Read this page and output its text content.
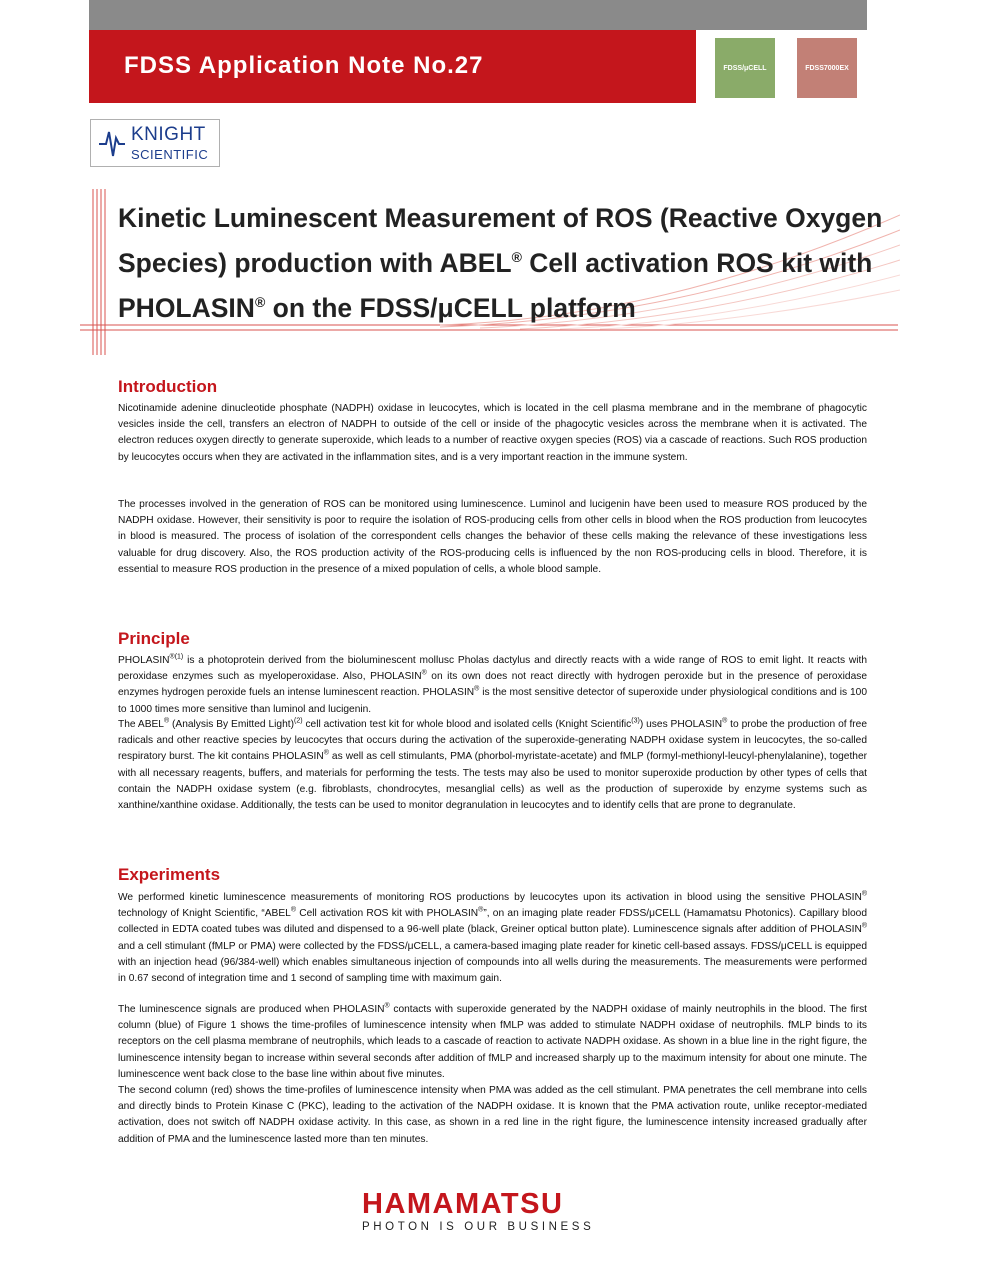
FDSS Application Note No.27	FDSS/μCELL	FDSS7000EX
KNIGHT
SCIENTIFIC
Kinetic Luminescent Measurement of ROS (Reactive Oxygen Species) production with ABEL® Cell activation ROS kit with PHOLASIN® on the FDSS/μCELL platform
Introduction

Nicotinamide adenine dinucleotide phosphate (NADPH) oxidase in leucocytes, which is located in the cell plasma membrane and in the membrane of phagocytic vesicles inside the cell, transfers an electron of NADPH to outside of the cell or inside of the phagocytic vesicles across the membrane when it is activated. The electron reduces oxygen directly to generate superoxide, which leads to a number of reactive oxygen species (ROS) via a cascade of reactions. Such ROS production by leucocytes occurs when they are activated in the inflammation sites, and is a very important reaction in the immune system.

The processes involved in the generation of ROS can be monitored using luminescence. Luminol and lucigenin have been used to measure ROS produced by the NADPH oxidase. However, their sensitivity is poor to require the isolation of ROS-producing cells from other cells in blood when the ROS production from leucocytes in blood is measured. The process of isolation of the correspondent cells changes the behavior of these cells making the relevance of these investigations less valuable for drug discovery. Also, the ROS production activity of the ROS-producing cells is influenced by the non ROS-producing cells in blood. Therefore, it is essential to measure ROS production in the presence of a mixed population of cells, a whole blood sample.

Principle

$PHOLASIN^{®(1)}$ is a photoprotein derived from the bioluminescent mollusc Pholas dactylus and directly reacts with a wide range of ROS to emit light. It reacts with peroxidase enzymes such as myeloperoxidase. Also, PHOLASIN® on its own does not react directly with hydrogen peroxide but in the presence of peroxidase enzymes hydrogen peroxide fuels an intense luminescent reaction. PHOLASIN® is the most sensitive detector of superoxide under physiological conditions and is 100 to 1000 times more sensitive than luminol and lucigenin.

The ABEL® (Analysis By Emitted Light)$^{(2)}$ cell activation test kit for whole blood and isolated cells (Knight Scientific$^{(3)}$) uses PHOLASIN® to probe the production of free radicals and other reactive species by leucocytes that occurs during the activation of the superoxide-generating NADPH oxidase system in leucocytes, the so-called respiratory burst. The kit contains PHOLASIN® as well as cell stimulants, PMA (phorbol-myristate-acetate) and fMLP (formyl-methionyl-leucyl-phenylalanine), together with all necessary reagents, buffers, and materials for performing the tests. The tests may also be used to monitor superoxide production by other types of cells that contain the NADPH oxidase system (e.g. fibroblasts, chondrocytes, mesanglial cells) as well as the production of superoxide by enzyme systems such as xanthine/xanthine oxidase. Additionally, the tests can be used to monitor degranulation in leucocytes and to identify cells that are prone to degranulate.

Experiments

We performed kinetic luminescence measurements of monitoring ROS productions by leucocytes upon its activation in blood using the sensitive PHOLASIN® technology of Knight Scientific, “ABEL® Cell activation ROS kit with PHOLASIN®”, on an imaging plate reader FDSS/μCELL (Hamamatsu Photonics). Capillary blood collected in EDTA coated tubes was diluted and dispensed to a 96-well plate (black, Greiner optical button plate). Luminescence signals after addition of PHOLASIN® and a cell stimulant (fMLP or PMA) were collected by the FDSS/μCELL, a camera-based imaging plate reader for kinetic cell-based assays. FDSS/μCELL is equipped with an injection head (96/384-well) which enables simultaneous injection of compounds into all wells during the measurements. The measurements were performed in 0.67 second of integration time and 1 second of sampling time with maximum gain.

The luminescence signals are produced when PHOLASIN® contacts with superoxide generated by the NADPH oxidase of mainly neutrophils in the blood. The first column (blue) of Figure 1 shows the time-profiles of luminescence intensity when fMLP was added to stimulate NADPH oxidase of neutrophils. fMLP binds to its receptors on the cell plasma membrane of neutrophils, which leads to a cascade of reaction to activate NADPH oxidase. As shown in a blue line in the right figure, the luminescence intensity began to increase within several seconds after addition of fMLP and increased sharply up to the maximum intensity for about one minute. The luminescence went back close to the base line within about five minutes.

The second column (red) shows the time-profiles of luminescence intensity when PMA was added as the cell stimulant. PMA penetrates the cell membrane into cells and directly binds to Protein Kinase C (PKC), leading to the activation of the NADPH oxidase. It is known that the PMA activation route, unlike receptor-mediated activation, does not switch off NADPH oxidase activity. In this case, as shown in a red line in the right figure, the luminescence intensity increased gradually after addition of PMA and the luminescence lasted more than ten minutes.

HAMAMATSU
PHOTON IS OUR BUSINESS
